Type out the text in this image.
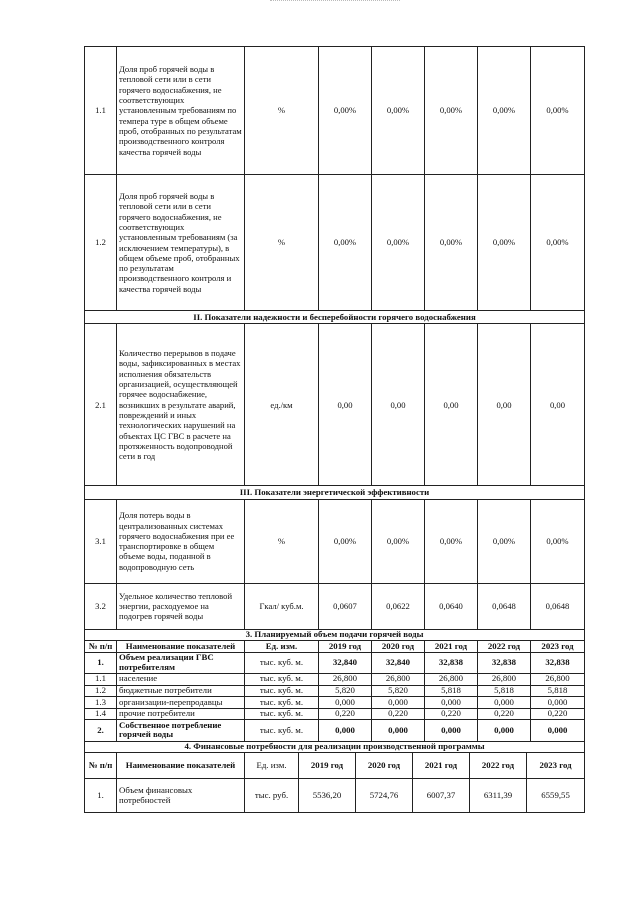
1.1	Доля проб горячей воды в тепловой сети или в сети горячего водоснабжения, не соответствующих установленным требованиям по темпера туре в общем объеме проб, отобранных по результатам производственного контроля качества горячей воды	%	0,00%	0,00%	0,00%	0,00%	0,00%
1.2	Доля проб горячей воды в тепловой сети или в сети горячего водоснабжения, не соответствующих установленным требованиям (за исключением температуры), в общем объеме проб, отобранных по результатам производственного контроля и качества горячей воды	%	0,00%	0,00%	0,00%	0,00%	0,00%
II. Показатели надежности и бесперебойности горячего водоснабжения							
2.1	Количество перерывов в подаче воды, зафиксированных в местах исполнения обязательств организацией, осуществляющей горячее водоснабжение, возникших в результате аварий, повреждений и иных технологических нарушений на объектах ЦС ГВС в расчете на протяженность водопроводной сети в год	ед./км	0,00	0,00	0,00	0,00	0,00
III. Показатели энергетической эффективности							
3.1	Доля потерь воды в централизованных системах горячего водоснабжения при ее транспортировке в общем объеме воды, поданной в водопроводную сеть	%	0,00%	0,00%	0,00%	0,00%	0,00%
3.2	Удельное количество тепловой энергии, расходуемое на подогрев горячей воды	Гкал/ куб.м.	0,0607	0,0622	0,0640	0,0648	0,0648
3. Планируемый объем подачи горячей воды							
№ п/п	Наименование показателей	Ед. изм.	2019 год	2020 год	2021 год	2022 год	2023 год
1.	Объем реализации ГВС потребителям	тыс. куб. м.	32,840	32,840	32,838	32,838	32,838
1.1	население	тыс. куб. м.	26,800	26,800	26,800	26,800	26,800
1.2	бюджетные потребители	тыс. куб. м.	5,820	5,820	5,818	5,818	5,818
1.3	организации-перепродавцы	тыс. куб. м.	0,000	0,000	0,000	0,000	0,000
1.4	прочие потребители	тыс. куб. м.	0,220	0,220	0,220	0,220	0,220
2.	Собственное потребление горячей воды	тыс. куб. м.	0,000	0,000	0,000	0,000	0,000
4. Финансовые потребности для реализации производственной программы							
№ п/п	Наименование показателей	Ед. изм.	2019 год	2020 год	2021 год	2022 год	2023 год
1.	Объем финансовых потребностей	тыс. руб.	5536,20	5724,76	6007,37	6311,39	6559,55
